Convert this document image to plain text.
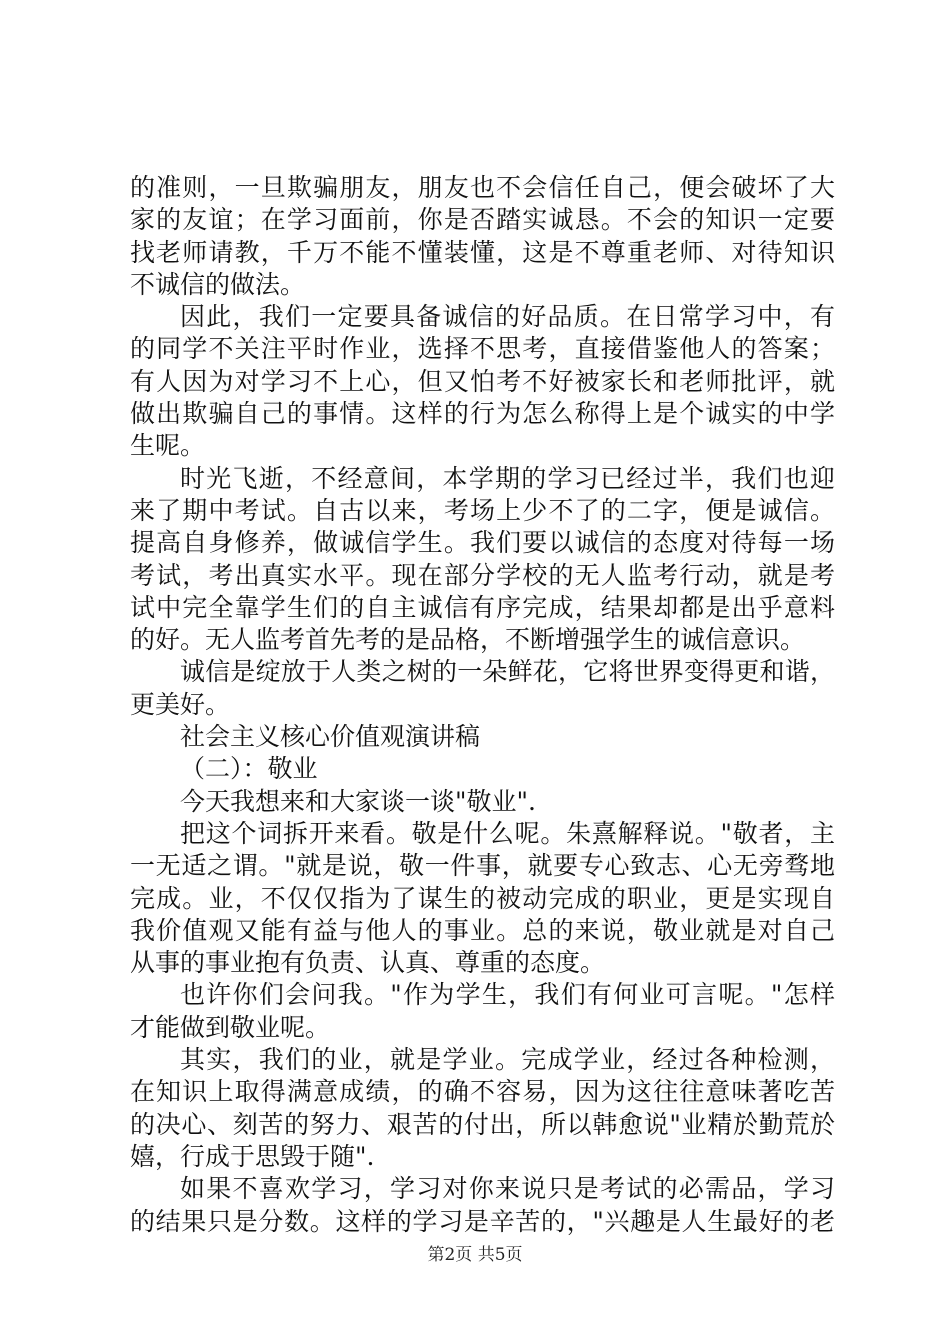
的准则，一旦欺骗朋友，朋友也不会信任自己，便会破坏了大
家的友谊；在学习面前，你是否踏实诚恳。不会的知识一定要
找老师请教，千万不能不懂装懂，这是不尊重老师、对待知识
不诚信的做法。
因此，我们一定要具备诚信的好品质。在日常学习中，有
的同学不关注平时作业，选择不思考，直接借鉴他人的答案；
有人因为对学习不上心，但又怕考不好被家长和老师批评，就
做出欺骗自己的事情。这样的行为怎么称得上是个诚实的中学
生呢。
时光飞逝，不经意间，本学期的学习已经过半，我们也迎
来了期中考试。自古以来，考场上少不了的二字，便是诚信。
提高自身修养，做诚信学生。我们要以诚信的态度对待每一场
考试，考出真实水平。现在部分学校的无人监考行动，就是考
试中完全靠学生们的自主诚信有序完成，结果却都是出乎意料
的好。无人监考首先考的是品格，不断增强学生的诚信意识。
诚信是绽放于人类之树的一朵鲜花，它将世界变得更和谐，
更美好。
社会主义核心价值观演讲稿
（二）：敬业
今天我想来和大家谈一谈"敬业".
把这个词拆开来看。敬是什么呢。朱熹解释说。"敬者，主
一无适之谓。"就是说，敬一件事，就要专心致志、心无旁骛地
完成。业，不仅仅指为了谋生的被动完成的职业，更是实现自
我价值观又能有益与他人的事业。总的来说，敬业就是对自己
从事的事业抱有负责、认真、尊重的态度。
也许你们会问我。"作为学生，我们有何业可言呢。"怎样
才能做到敬业呢。
其实，我们的业，就是学业。完成学业，经过各种检测，
在知识上取得满意成绩，的确不容易，因为这往往意味著吃苦
的决心、刻苦的努力、艰苦的付出，所以韩愈说"业精於勤荒於
嬉，行成于思毁于随".
如果不喜欢学习，学习对你来说只是考试的必需品，学习
的结果只是分数。这样的学习是辛苦的，"兴趣是人生最好的老
第2页 共5页
